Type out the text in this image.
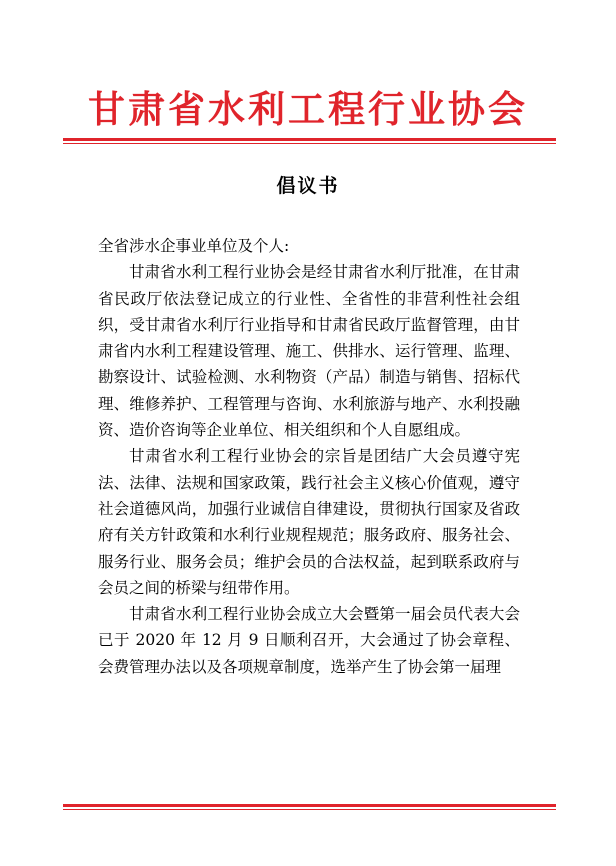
甘肃省水利工程行业协会
倡议书

全省涉水企事业单位及个人:

甘肃省水利工程行业协会是经甘肃省水利厅批准，在甘肃省民政厅依法登记成立的行业性、全省性的非营利性社会组织，受甘肃省水利厅行业指导和甘肃省民政厅监督管理，由甘肃省内水利工程建设管理、施工、供排水、运行管理、监理、勘察设计、试验检测、水利物资（产品）制造与销售、招标代理、维修养护、工程管理与咨询、水利旅游与地产、水利投融资、造价咨询等企业单位、相关组织和个人自愿组成。

甘肃省水利工程行业协会的宗旨是团结广大会员遵守宪法、法律、法规和国家政策，践行社会主义核心价值观，遵守社会道德风尚，加强行业诚信自律建设，贯彻执行国家及省政府有关方针政策和水利行业规程规范；服务政府、服务社会、服务行业、服务会员；维护会员的合法权益，起到联系政府与会员之间的桥梁与纽带作用。

甘肃省水利工程行业协会成立大会暨第一届会员代表大会已于 2020 年 12 月 9 日顺利召开，大会通过了协会章程、会费管理办法以及各项规章制度，选举产生了协会第一届理
